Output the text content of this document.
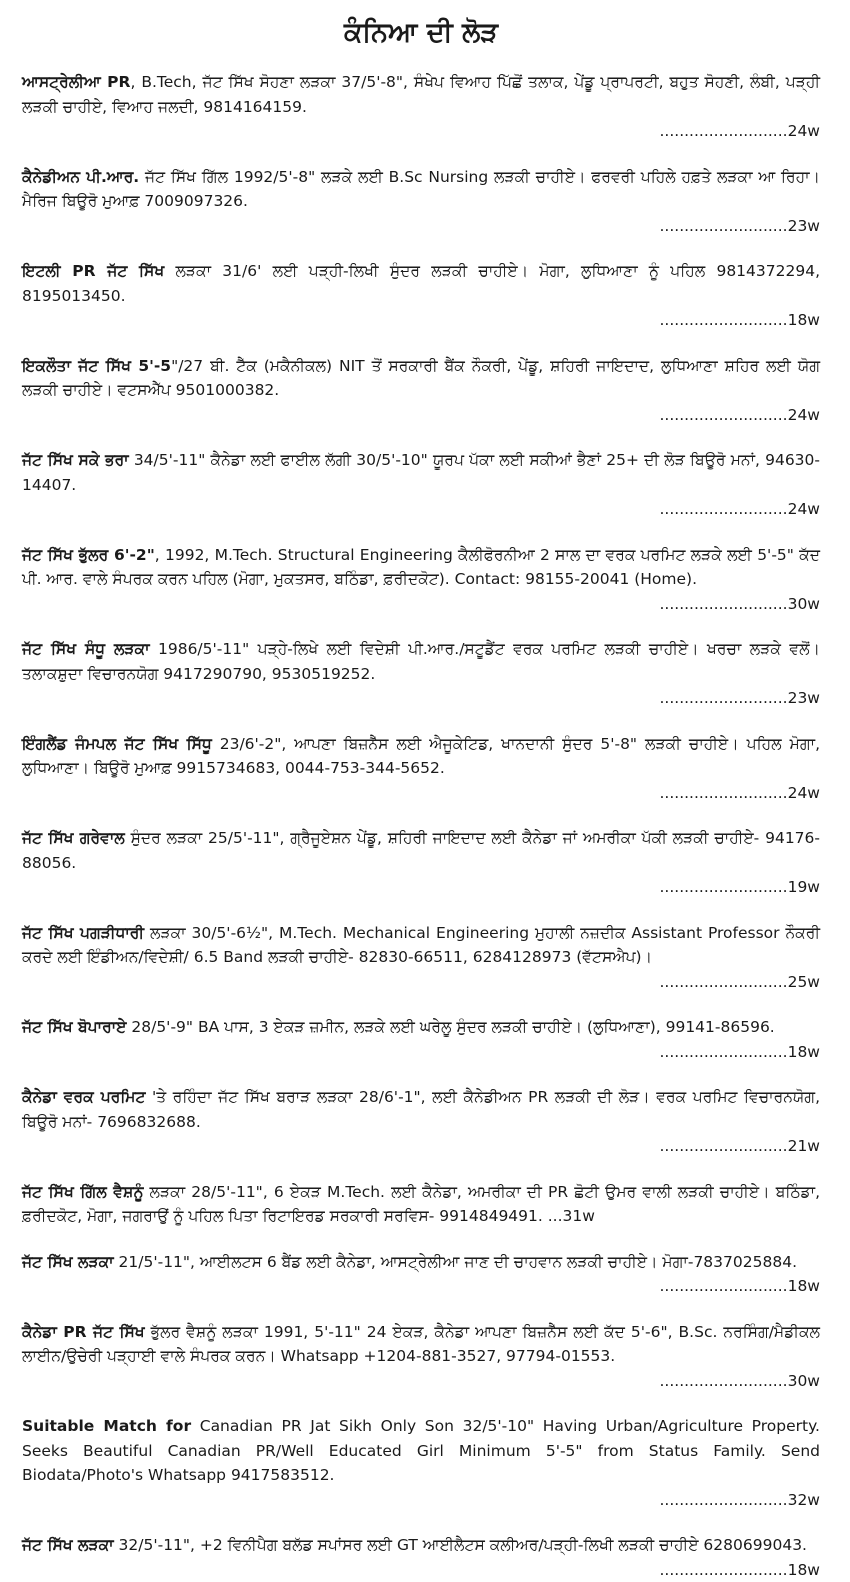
ਕੰਨਿਆ ਦੀ ਲੋੜ
ਆਸਟ੍ਰੇਲੀਆ PR, B.Tech, ਜੱਟ ਸਿੱਖ ਸੋਹਣਾ ਲੜਕਾ 37/5'-8", ਸੰਖੇਪ ਵਿਆਹ ਪਿੱਛੋਂ ਤਲਾਕ, ਪੇਂਡੂ ਪ੍ਰਾਪਰਟੀ, ਬਹੁਤ ਸੋਹਣੀ, ਲੰਬੀ, ਪੜ੍ਹੀ ਲੜਕੀ ਚਾਹੀਏ, ਵਿਆਹ ਜਲਦੀ, 9814164159.
..........................24w
ਕੈਨੇਡੀਅਨ ਪੀ.ਆਰ. ਜੱਟ ਸਿੱਖ ਗਿੱਲ 1992/5'-8" ਲੜਕੇ ਲਈ B.Sc Nursing ਲੜਕੀ ਚਾਹੀਏ। ਫਰਵਰੀ ਪਹਿਲੇ ਹਫ਼ਤੇ ਲੜਕਾ ਆ ਰਿਹਾ। ਮੈਰਿਜ ਬਿਊਰੋ ਮੁਆਫ਼ 7009097326.
..........................23w
ਇਟਲੀ PR ਜੱਟ ਸਿੱਖ ਲੜਕਾ 31/6' ਲਈ ਪੜ੍ਹੀ-ਲਿਖੀ ਸੁੰਦਰ ਲੜਕੀ ਚਾਹੀਏ। ਮੋਗਾ, ਲੁਧਿਆਣਾ ਨੂੰ ਪਹਿਲ 9814372294, 8195013450.
..........................18w
ਇਕਲੌਤਾ ਜੱਟ ਸਿੱਖ 5'-5"/27 ਬੀ. ਟੈੱਕ (ਮਕੈਨੀਕਲ) NIT ਤੋਂ ਸਰਕਾਰੀ ਬੈਂਕ ਨੌਕਰੀ, ਪੇਂਡੂ, ਸ਼ਹਿਰੀ ਜਾਇਦਾਦ, ਲੁਧਿਆਣਾ ਸ਼ਹਿਰ ਲਈ ਯੋਗ ਲੜਕੀ ਚਾਹੀਏ। ਵਟਸਐੱਪ 9501000382.
..........................24w
ਜੱਟ ਸਿੱਖ ਸਕੇ ਭਰਾ 34/5'-11" ਕੈਨੇਡਾ ਲਈ ਫਾਈਲ ਲੱਗੀ 30/5'-10" ਯੂਰਪ ਪੱਕਾ ਲਈ ਸਕੀਆਂ ਭੈਣਾਂ 25+ ਦੀ ਲੋੜ ਬਿਊਰੋ ਮਨਾਂ, 94630-14407.
..........................24w
ਜੱਟ ਸਿੱਖ ਭੁੱਲਰ 6'-2", 1992, M.Tech. Structural Engineering ਕੈਲੀਫੋਰਨੀਆ 2 ਸਾਲ ਦਾ ਵਰਕ ਪਰਮਿਟ ਲੜਕੇ ਲਈ 5'-5" ਕੱਦ ਪੀ. ਆਰ. ਵਾਲੇ ਸੰਪਰਕ ਕਰਨ ਪਹਿਲ (ਮੋਗਾ, ਮੁਕਤਸਰ, ਬਠਿੰਡਾ, ਫ਼ਰੀਦਕੋਟ). Contact: 98155-20041 (Home).
..........................30w
ਜੱਟ ਸਿੱਖ ਸੰਧੂ ਲੜਕਾ 1986/5'-11" ਪੜ੍ਹੇ-ਲਿਖੇ ਲਈ ਵਿਦੇਸ਼ੀ ਪੀ.ਆਰ./ਸਟੂਡੈਂਟ ਵਰਕ ਪਰਮਿਟ ਲੜਕੀ ਚਾਹੀਏ। ਖਰਚਾ ਲੜਕੇ ਵਲੋਂ। ਤਲਾਕਸ਼ੁਦਾ ਵਿਚਾਰਨਯੋਗ 9417290790, 9530519252.
..........................23w
ਇੰਗਲੈਂਡ ਜੰਮਪਲ ਜੱਟ ਸਿੱਖ ਸਿੱਧੂ 23/6'-2", ਆਪਣਾ ਬਿਜ਼ਨੈੱਸ ਲਈ ਐਜੂਕੇਟਿਡ, ਖਾਨਦਾਨੀ ਸੁੰਦਰ 5'-8" ਲੜਕੀ ਚਾਹੀਏ। ਪਹਿਲ ਮੋਗਾ, ਲੁਧਿਆਣਾ। ਬਿਊਰੋ ਮੁਆਫ਼ 9915734683, 0044-753-344-5652.
..........................24w
ਜੱਟ ਸਿੱਖ ਗਰੇਵਾਲ ਸੁੰਦਰ ਲੜਕਾ 25/5'-11", ਗ੍ਰੈਜੂਏਸ਼ਨ ਪੇਂਡੂ, ਸ਼ਹਿਰੀ ਜਾਇਦਾਦ ਲਈ ਕੈਨੇਡਾ ਜਾਂ ਅਮਰੀਕਾ ਪੱਕੀ ਲੜਕੀ ਚਾਹੀਏ- 94176-88056.
..........................19w
ਜੱਟ ਸਿੱਖ ਪਗੜੀਧਾਰੀ ਲੜਕਾ 30/5'-6½", M.Tech. Mechanical Engineering ਮੁਹਾਲੀ ਨਜ਼ਦੀਕ Assistant Professor ਨੌਕਰੀ ਕਰਦੇ ਲਈ ਇੰਡੀਅਨ/ਵਿਦੇਸ਼ੀ/ 6.5 Band ਲੜਕੀ ਚਾਹੀਏ- 82830-66511, 6284128973 (ਵੱਟਸਐਪ)।
..........................25w
ਜੱਟ ਸਿੱਖ ਬੋਪਾਰਾਏ 28/5'-9" BA ਪਾਸ, 3 ਏਕੜ ਜ਼ਮੀਨ, ਲੜਕੇ ਲਈ ਘਰੇਲੂ ਸੁੰਦਰ ਲੜਕੀ ਚਾਹੀਏ। (ਲੁਧਿਆਣਾ), 99141-86596.
..........................18w
ਕੈਨੇਡਾ ਵਰਕ ਪਰਮਿਟ 'ਤੇ ਰਹਿੰਦਾ ਜੱਟ ਸਿੱਖ ਬਰਾੜ ਲੜਕਾ 28/6'-1", ਲਈ ਕੈਨੇਡੀਅਨ PR ਲੜਕੀ ਦੀ ਲੋੜ। ਵਰਕ ਪਰਮਿਟ ਵਿਚਾਰਨਯੋਗ, ਬਿਊਰੋ ਮਨਾਂ- 7696832688.
..........................21w
ਜੱਟ ਸਿੱਖ ਗਿੱਲ ਵੈਸ਼ਨੂੰ ਲੜਕਾ 28/5'-11", 6 ਏਕੜ M.Tech. ਲਈ ਕੈਨੇਡਾ, ਅਮਰੀਕਾ ਦੀ PR ਛੋਟੀ ਉਮਰ ਵਾਲੀ ਲੜਕੀ ਚਾਹੀਏ। ਬਠਿੰਡਾ, ਫ਼ਰੀਦਕੋਟ, ਮੋਗਾ, ਜਗਰਾਉਂ ਨੂੰ ਪਹਿਲ ਪਿਤਾ ਰਿਟਾਇਰਡ ਸਰਕਾਰੀ ਸਰਵਿਸ- 9914849491. ...31w
ਜੱਟ ਸਿੱਖ ਲੜਕਾ 21/5'-11", ਆਈਲਟਸ 6 ਬੈਂਡ ਲਈ ਕੈਨੇਡਾ, ਆਸਟ੍ਰੇਲੀਆ ਜਾਣ ਦੀ ਚਾਹਵਾਨ ਲੜਕੀ ਚਾਹੀਏ। ਮੋਗਾ-7837025884.
..........................18w
ਕੈਨੇਡਾ PR ਜੱਟ ਸਿੱਖ ਭੁੱਲਰ ਵੈਸ਼ਨੂੰ ਲੜਕਾ 1991, 5'-11" 24 ਏਕੜ, ਕੈਨੇਡਾ ਆਪਣਾ ਬਿਜ਼ਨੈੱਸ ਲਈ ਕੱਦ 5'-6", B.Sc. ਨਰਸਿੰਗ/ਮੈਡੀਕਲ ਲਾਈਨ/ਉਚੇਰੀ ਪੜ੍ਹਾਈ ਵਾਲੇ ਸੰਪਰਕ ਕਰਨ। Whatsapp +1204-881-3527, 97794-01553.
..........................30w
Suitable Match for Canadian PR Jat Sikh Only Son 32/5'-10" Having Urban/Agriculture Property. Seeks Beautiful Canadian PR/Well Educated Girl Minimum 5'-5" from Status Family. Send Biodata/Photo's Whatsapp 9417583512.
..........................32w
ਜੱਟ ਸਿੱਖ ਲੜਕਾ 32/5'-11", +2 ਵਿਨੀਪੈਗ ਬਲੱਡ ਸਪਾਂਸਰ ਲਈ GT ਆਈਲੈਟਸ ਕਲੀਅਰ/ਪੜ੍ਹੀ-ਲਿਖੀ ਲੜਕੀ ਚਾਹੀਏ 6280699043.
..........................18w
